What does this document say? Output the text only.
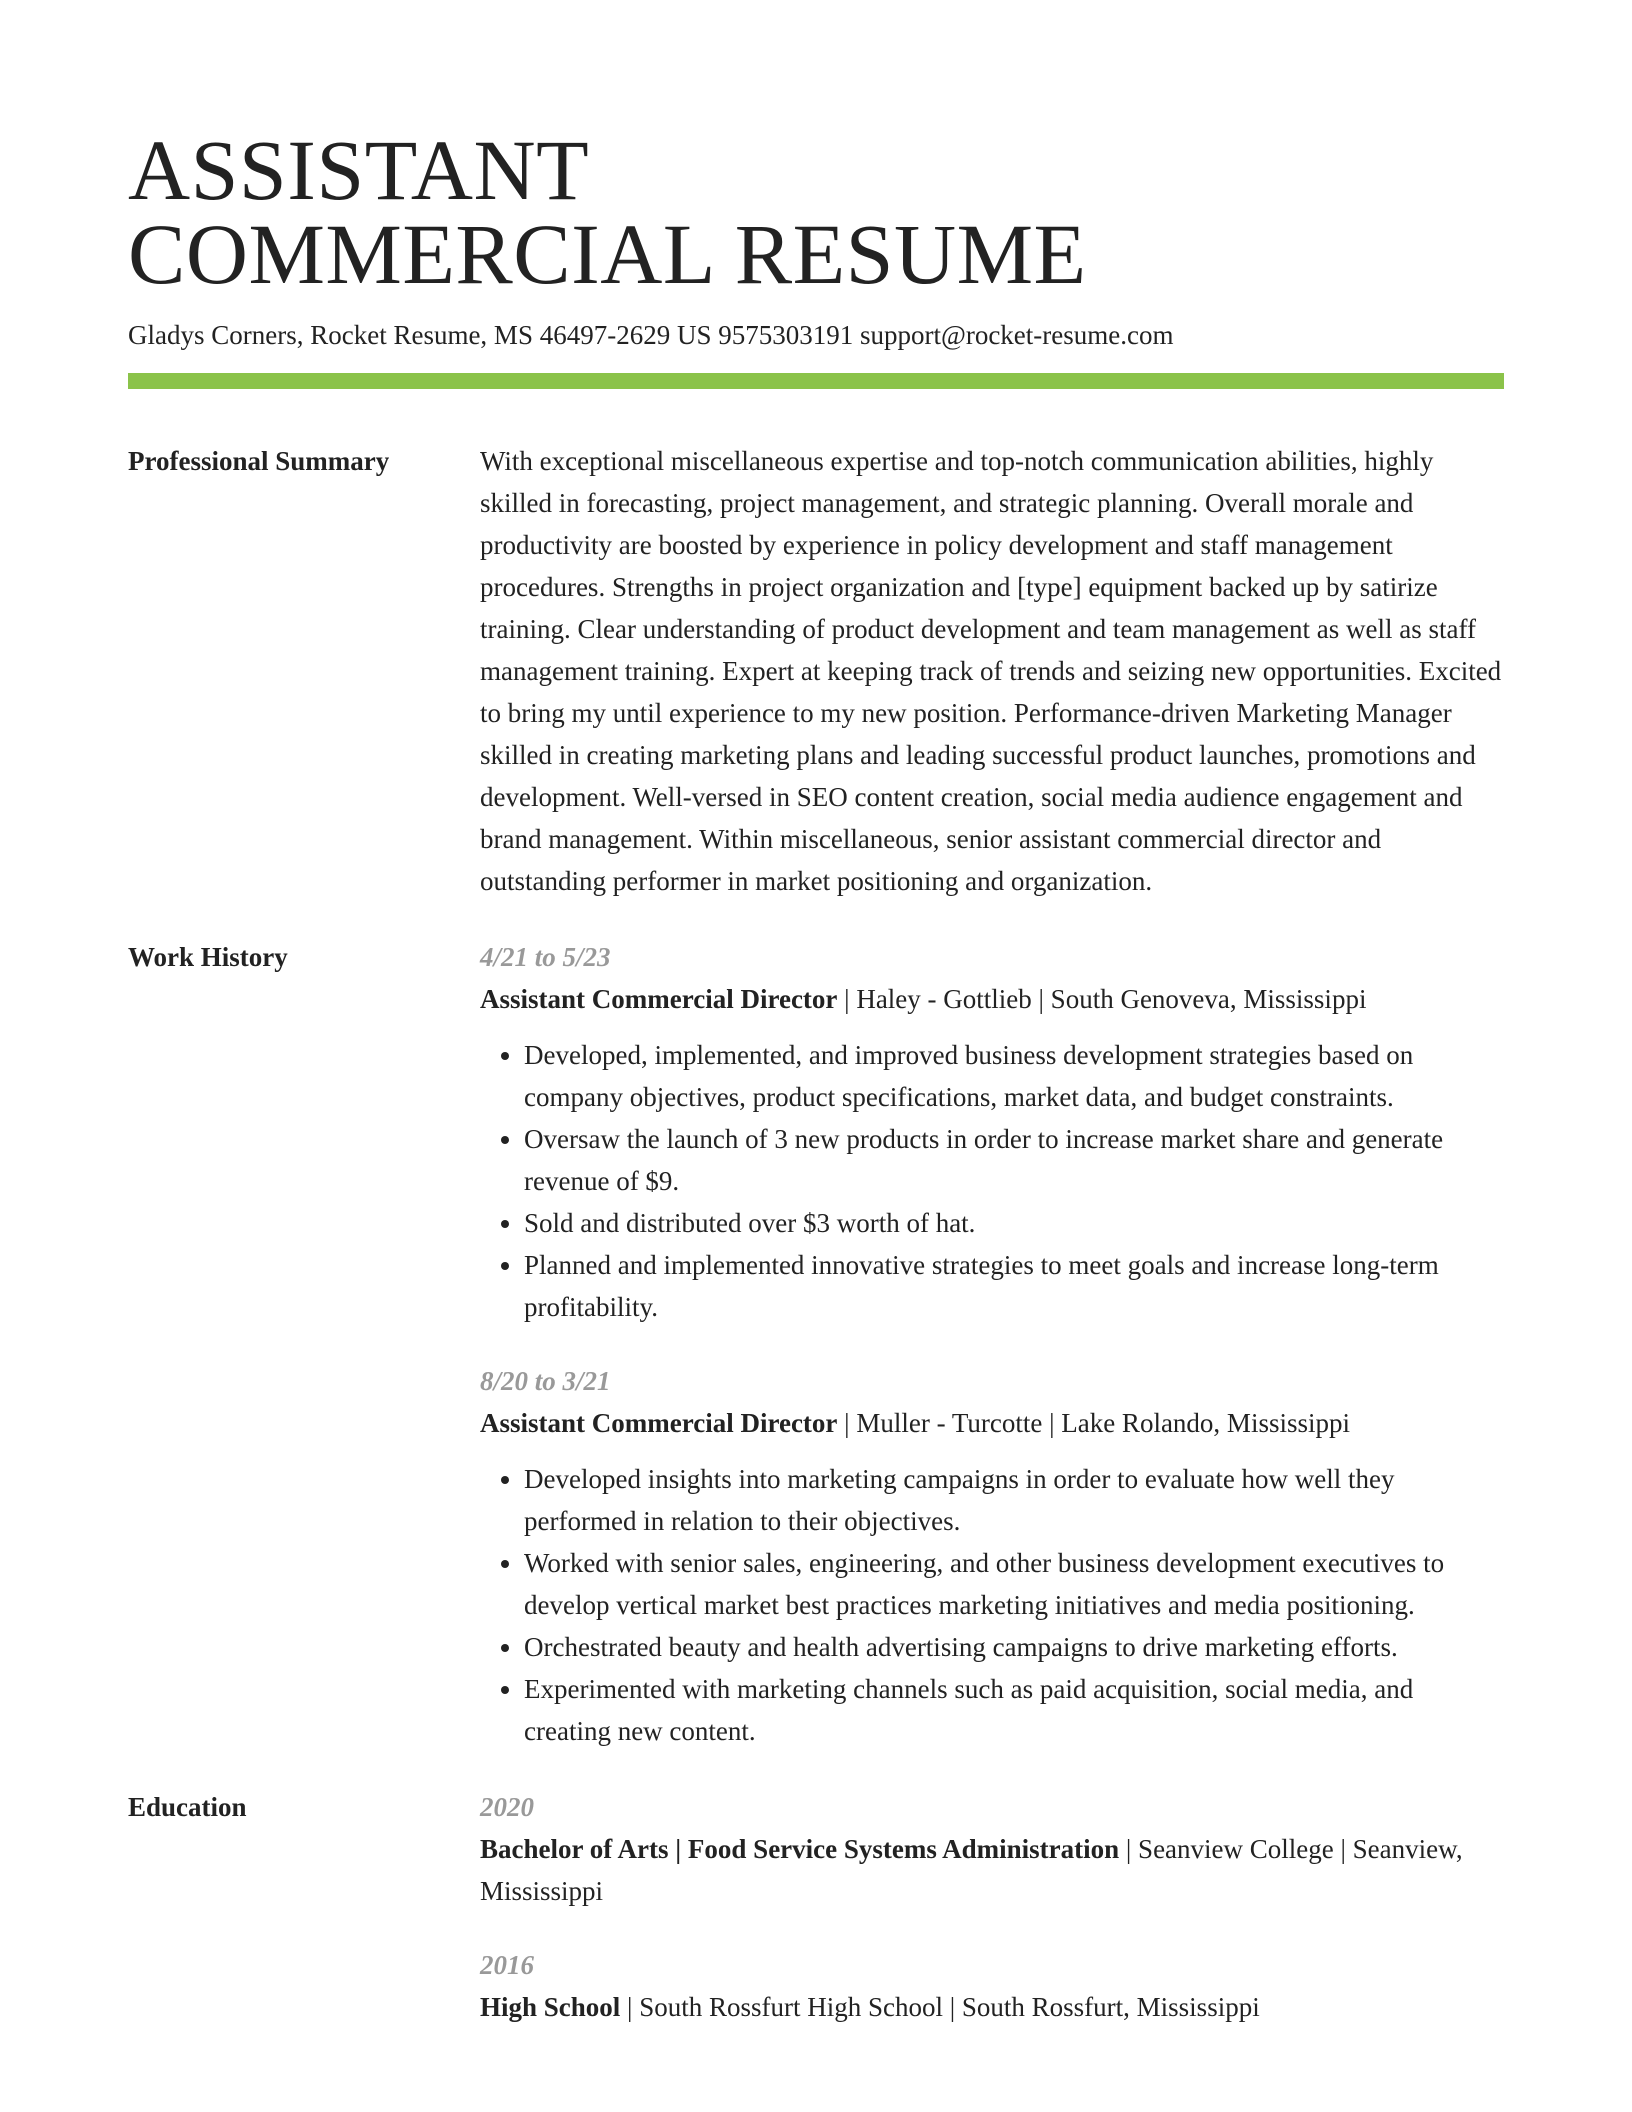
ASSISTANT
COMMERCIAL RESUME
Gladys Corners, Rocket Resume, MS 46497-2629 US 9575303191 support@rocket-resume.com
Professional Summary	With exceptional miscellaneous expertise and top-notch communication abilities, highly skilled in forecasting, project management, and strategic planning. Overall morale and productivity are boosted by experience in policy development and staff management procedures. Strengths in project organization and [type] equipment backed up by satirize training. Clear understanding of product development and team management as well as staff management training. Expert at keeping track of trends and seizing new opportunities. Excited to bring my until experience to my new position. Performance-driven Marketing Manager skilled in creating marketing plans and leading successful product launches, promotions and development. Well-versed in SEO content creation, social media audience engagement and brand management. Within miscellaneous, senior assistant commercial director and outstanding performer in market positioning and organization.

Work History	4/21 to 5/23
Assistant Commercial Director | Haley - Gottlieb | South Genoveva, Mississippi
• Developed, implemented, and improved business development strategies based on company objectives, product specifications, market data, and budget constraints.
• Oversaw the launch of 3 new products in order to increase market share and generate revenue of $9.
• Sold and distributed over $3 worth of hat.
• Planned and implemented innovative strategies to meet goals and increase long-term profitability.
8/20 to 3/21
Assistant Commercial Director | Muller - Turcotte | Lake Rolando, Mississippi
• Developed insights into marketing campaigns in order to evaluate how well they performed in relation to their objectives.
• Worked with senior sales, engineering, and other business development executives to develop vertical market best practices marketing initiatives and media positioning.
• Orchestrated beauty and health advertising campaigns to drive marketing efforts.
• Experimented with marketing channels such as paid acquisition, social media, and creating new content.
Education	2020
Bachelor of Arts | Food Service Systems Administration | Seanview College | Seanview, Mississippi
2016
High School | South Rossfurt High School | South Rossfurt, Mississippi
